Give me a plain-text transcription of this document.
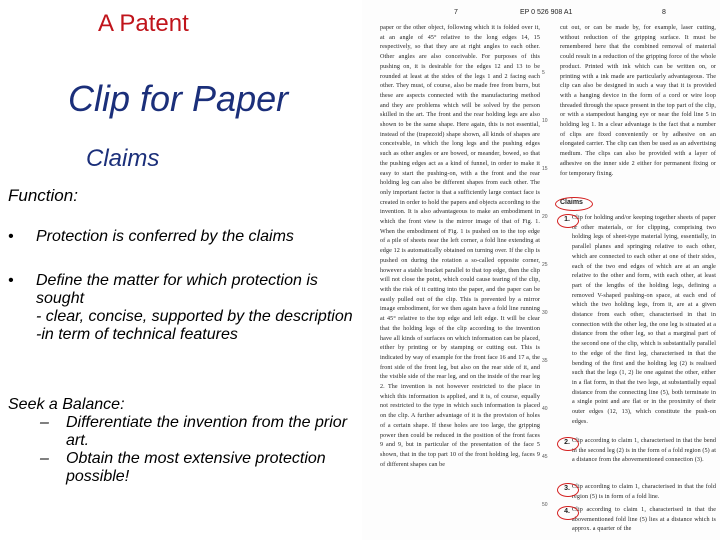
A Patent
Clip for Paper
Claims
Function:
• Protection is conferred by the claims
• Define the matter for which protection is sought
- clear, concise, supported by the description
-in term of technical features
Seek a Balance:
– Differentiate the invention from the prior art.
– Obtain the most extensive protection possible!
7	EP 0 526 908 A1	8

paper or the other object, following which it is folded over it, at an angle of 45° relative to the long edges 14, 15 respectively, so that they are at right angles to each other. Other angles are also conceivable. For purposes of this pushing on, it is desirable for the edges 12 and 13 to be rounded at least at the sides of the legs 1 and 2 facing each other. They must, of course, also be made free from burrs, but these are aspects connected with the manufacturing method and they are problems which will be solved by the person skilled in the art. The front and the rear holding legs are also shown to be the same shape. Here again, this is not essential, instead of the (trapezoid) shape shown, all kinds of shapes are conceivable, in which the long legs and the pushing edges such as other angles or are bowed, or meander, bowed, so that the pushing edges act as a kind of funnel, in order to make it easy to start the pushing-on, with a the front and the rear holding leg can also be different shapes from each other. The only important factor is that a sufficiently large contact face is created in order to hold the papers and objects according to the invention. It is also advantageous to make an embodiment in which the front view is the mirror image of that of Fig. 1. When the embodiment of Fig. 1 is pushed on to the top edge of a pile of sheets near the left corner, a fold line extending at edge 12 is automatically obtained on turning over. If the clip is pushed on during the rotation a so-called opposite corner, however a stable bracket parallel to that top edge, then the clip will not close the point, which could cause tearing of the clip, with the risk of it cutting into the paper, and the paper can be easily pulled out of the clip. This is prevented by a mirror image embodiment, for we then again have a fold line running at 45° relative to the top edge and left edge. It will be clear that the holding legs of the clip according to the invention have all kinds of surfaces on which information can be placed, either by printing or by stamping or cutting out. This is indicated by way of example for the front face 16 and 17 a, the front side of the front leg, but also on the rear side of it, and the visible side of the rear leg, and on the inside of the rear leg 2. The invention is not however restricted to the place in which this information is applied, and it is, of course, equally not restricted to the type in which such information is placed on the clip. A further advantage of it is the provision of holes of a certain shape. If these holes are too large, the gripping power then could be reduced in the position of the front faces 9 and 9, but in particular of the presentation of the face 5 shown, that in the top part 10 of the front holding leg, faces 9 of different shapes can be

5
10
15
20
25
30
35
40
45
50

cut out, or can be made by, for example, laser cutting, without reduction of the gripping surface. It must be remembered here that the combined removal of material could result in a reduction of the gripping force of the whole product. Printed with ink which can be written on, or printing with a ink made are particularly advantageous. The clip can also be designed in such a way that it is provided with a hanging device in the form of a cord or wire loop threaded through the space present in the top part of the clip, or with a stampedout hanging eye or near the fold line 5 in holding leg 1. In a clear advantage is the fact that a number of clips are fixed conveniently or by adhesive on an elongated carrier. The clip can then be used as an advertising medium. The clips can also be provided with a layer of adhesive on the inner side 2 either for permanent fixing or for temporary fixing.

Claims

Clip for holding and/or keeping together sheets of paper or other materials, or for clipping, comprising two holding legs of sheet-type material lying, essentially, in parallel planes and springing relative to each other, which are connected to each other at one of their sides, each of the two end edges of which are at an angle relative to the other and form, with each other, at least part of the lengths of the holding legs, defining a removed V-shaped pushing-on space, at each end of which the two holding legs, from it, are at a given distance from each other, characterised in that in connection with the other leg, the one leg is situated at a distance from the other leg, so that a marginal part of the second one of the clip, which is substantially parallel to the edge of the first leg, characterised in that the bending of the first and the holding leg (2) is realised such that the legs (1, 2) lie one against the other, either in a flat form, in that the two legs, at substantially equal distance from the connecting line (5), both terminate in a single point and are flat or in the proximity of their outer edges (12, 13), which constitute the push-on edges.

1.

Clip according to claim 1, characterised in that the bend in the second leg (2) is in the form of a fold region (5) at a distance from the abovementioned connection (3).

2.

Clip according to claim 1, characterised in that the fold region (5) is in form of a fold line.

3.

Clip according to claim 1, characterised in that the abovementioned fold line (5) lies at a distance which is approx. a quarter of the

4.
